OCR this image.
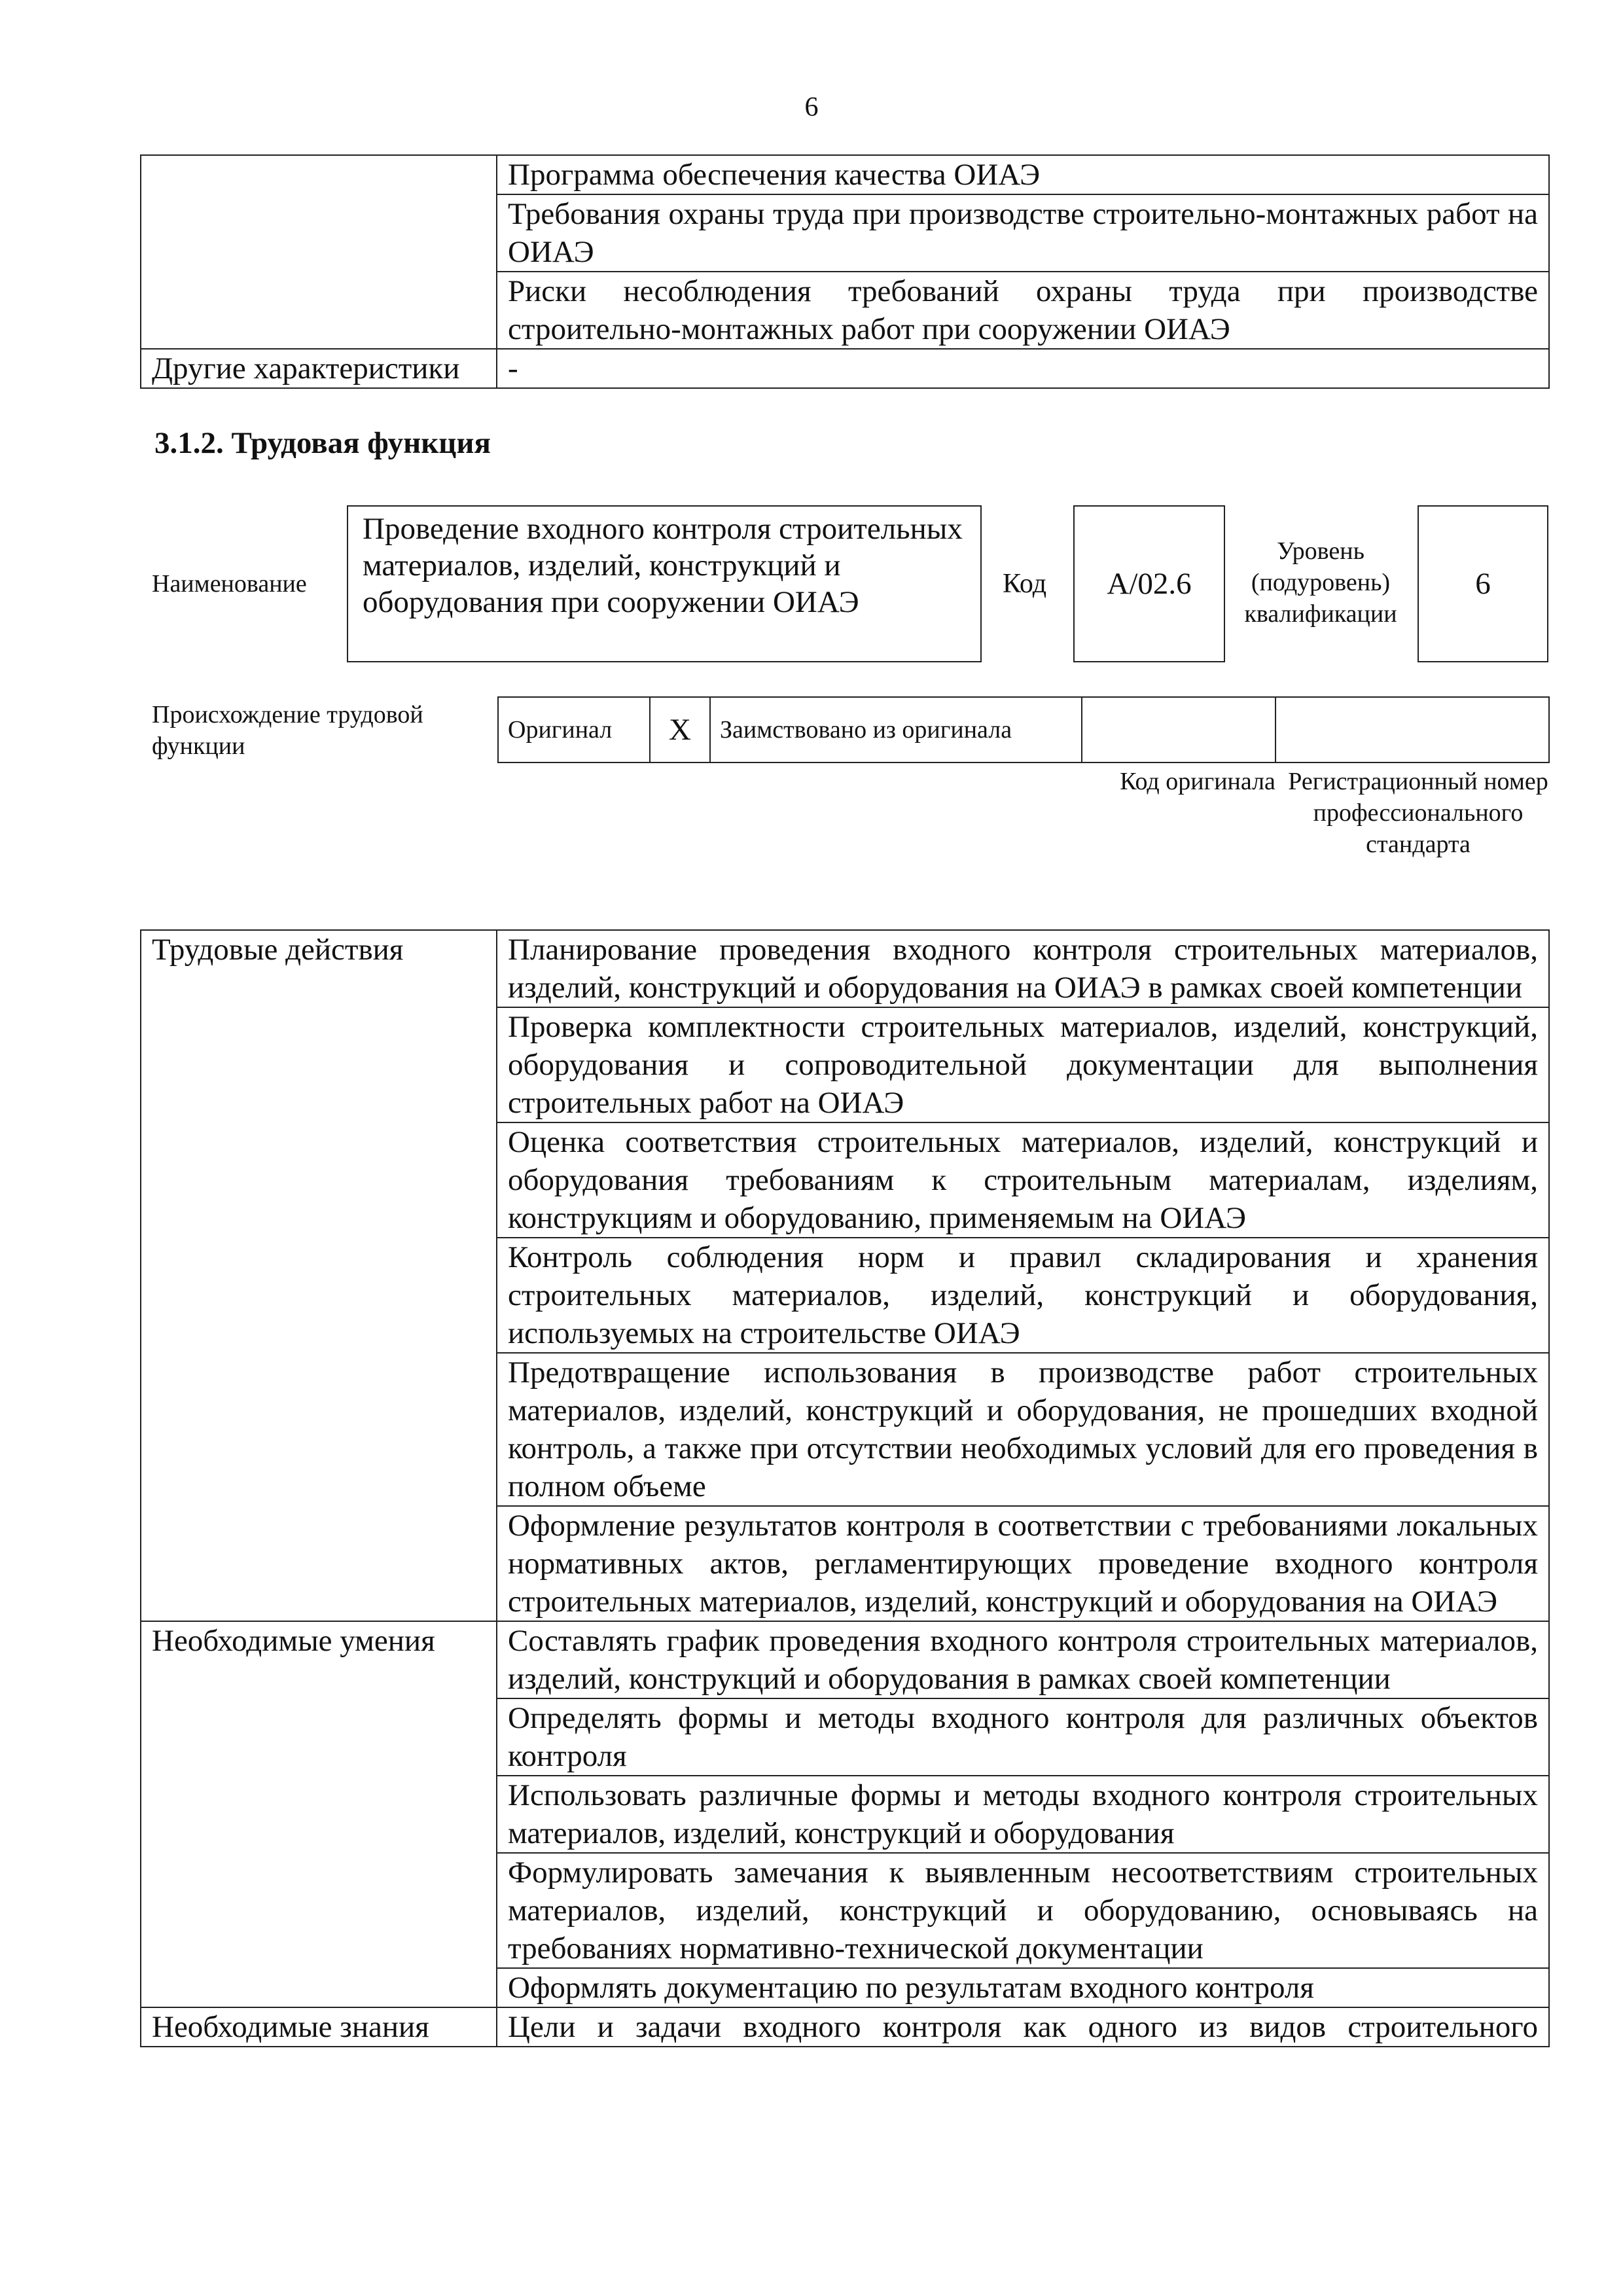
6
	Программа обеспечения качества ОИАЭ
	Требования охраны труда при производстве строительно-монтажных работ на ОИАЭ
	Риски несоблюдения требований охраны труда при производстве строительно-монтажных работ при сооружении ОИАЭ
Другие характеристики	-
3.1.2. Трудовая функция
Наименование
Проведение входного контроля строительных материалов, изделий, конструкций и оборудования при сооружении ОИАЭ
Код	А/02.6
Уровень (подуровень) квалификации
6
Происхождение трудовой функции
Оригинал	X	Заимствовано из оригинала		
Код оригинала Регистрационный номер профессионального стандарта
Трудовые действия	Планирование проведения входного контроля строительных материалов, изделий, конструкций и оборудования на ОИАЭ в рамках своей компетенции
	Проверка комплектности строительных материалов, изделий, конструкций, оборудования и сопроводительной документации для выполнения строительных работ на ОИАЭ
	Оценка соответствия строительных материалов, изделий, конструкций и оборудования требованиям к строительным материалам, изделиям, конструкциям и оборудованию, применяемым на ОИАЭ
	Контроль соблюдения норм и правил складирования и хранения строительных материалов, изделий, конструкций и оборудования, используемых на строительстве ОИАЭ
	Предотвращение использования в производстве работ строительных материалов, изделий, конструкций и оборудования, не прошедших входной контроль, а также при отсутствии необходимых условий для его проведения в полном объеме
	Оформление результатов контроля в соответствии с требованиями локальных нормативных актов, регламентирующих проведение входного контроля строительных материалов, изделий, конструкций и оборудования на ОИАЭ
Необходимые умения	Составлять график проведения входного контроля строительных материалов, изделий, конструкций и оборудования в рамках своей компетенции
	Определять формы и методы входного контроля для различных объектов контроля
	Использовать различные формы и методы входного контроля строительных материалов, изделий, конструкций и оборудования
	Формулировать замечания к выявленным несоответствиям строительных материалов, изделий, конструкций и оборудованию, основываясь на требованиях нормативно-технической документации
	Оформлять документацию по результатам входного контроля
Необходимые знания	Цели и задачи входного контроля как одного из видов строительного
